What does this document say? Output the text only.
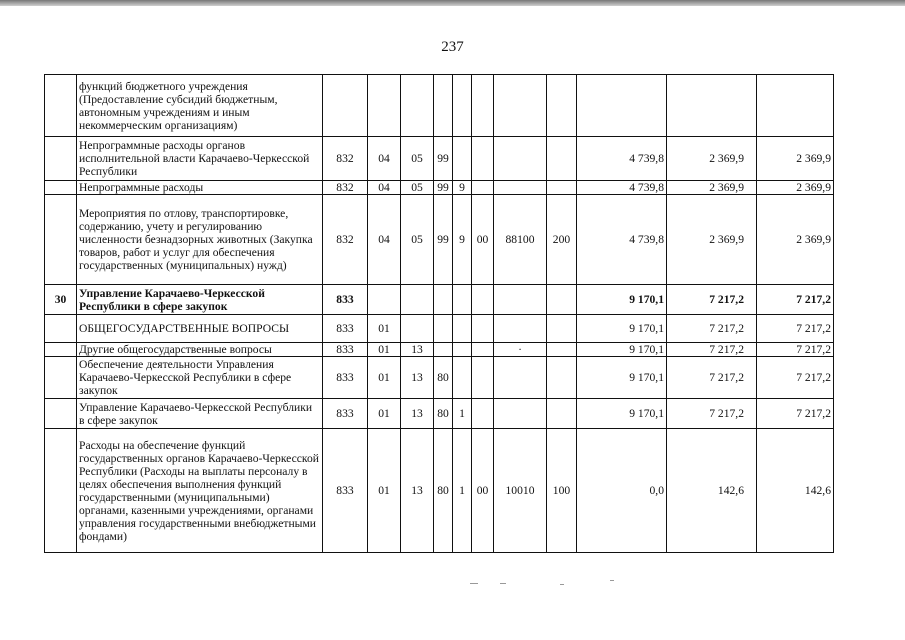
237
	функций бюджетного учреждения (Предоставление субсидий бюджетным, автономным учреждениям и иным некоммерческим организациям)											
	Непрограммные расходы органов исполнительной власти Карачаево-Черкесской Республики	832	04	05	99					4 739,8	2 369,9	2 369,9
	Непрограммные расходы	832	04	05	99	9				4 739,8	2 369,9	2 369,9
	Мероприятия по отлову, транспортировке, содержанию, учету и регулированию численности безнадзорных животных (Закупка товаров, работ и услуг для обеспечения государственных (муниципальных) нужд)	832	04	05	99	9	00	88100	200	4 739,8	2 369,9	2 369,9
30	Управление Карачаево-Черкесской Республики в сфере закупок	833								9 170,1	7 217,2	7 217,2
	ОБЩЕГОСУДАРСТВЕННЫЕ ВОПРОСЫ	833	01							9 170,1	7 217,2	7 217,2
	Другие общегосударственные вопросы	833	01	13				·		9 170,1	7 217,2	7 217,2
	Обеспечение деятельности Управления Карачаево-Черкесской Республики в сфере закупок	833	01	13	80					9 170,1	7 217,2	7 217,2
	Управление Карачаево-Черкесской Республики в сфере закупок	833	01	13	80	1				9 170,1	7 217,2	7 217,2
	Расходы на обеспечение функций государственных органов Карачаево-Черкесской Республики (Расходы на выплаты персоналу в целях обеспечения выполнения функций государственными (муниципальными) органами, казенными учреждениями, органами управления государственными внебюджетными фондами)	833	01	13	80	1	00	10010	100	0,0	142,6	142,6
